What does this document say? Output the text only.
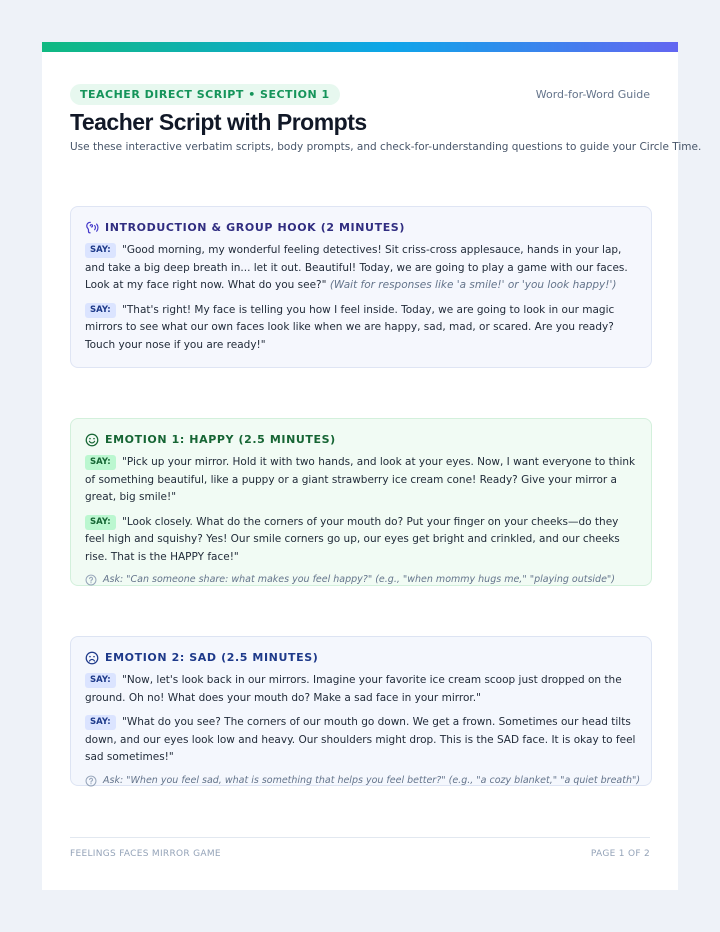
TEACHER DIRECT SCRIPT • SECTION 1	Word-for-Word Guide
Teacher Script with Prompts
Use these interactive verbatim scripts, body prompts, and check-for-understanding questions to guide your Circle Time.
INTRODUCTION & GROUP HOOK (2 MINUTES)

SAY: "Good morning, my wonderful feeling detectives! Sit criss-cross applesauce, hands in your lap, and take a big deep breath in... let it out. Beautiful! Today, we are going to play a game with our faces. Look at my face right now. What do you see?" (Wait for responses like 'a smile!' or 'you look happy!')

SAY: "That's right! My face is telling you how I feel inside. Today, we are going to look in our magic mirrors to see what our own faces look like when we are happy, sad, mad, or scared. Are you ready? Touch your nose if you are ready!"

EMOTION 1: HAPPY (2.5 MINUTES)

SAY: "Pick up your mirror. Hold it with two hands, and look at your eyes. Now, I want everyone to think of something beautiful, like a puppy or a giant strawberry ice cream cone! Ready? Give your mirror a great, big smile!"

SAY: "Look closely. What do the corners of your mouth do? Put your finger on your cheeks—do they feel high and squishy? Yes! Our smile corners go up, our eyes get bright and crinkled, and our cheeks rise. That is the HAPPY face!"

Ask: "Can someone share: what makes you feel happy?" (e.g., "when mommy hugs me," "playing outside")
EMOTION 2: SAD (2.5 MINUTES)

SAY: "Now, let's look back in our mirrors. Imagine your favorite ice cream scoop just dropped on the ground. Oh no! What does your mouth do? Make a sad face in your mirror."

SAY: "What do you see? The corners of our mouth go down. We get a frown. Sometimes our head tilts down, and our eyes look low and heavy. Our shoulders might drop. This is the SAD face. It is okay to feel sad sometimes!"

Ask: "When you feel sad, what is something that helps you feel better?" (e.g., "a cozy blanket," "a quiet breath")
FEELINGS FACES MIRROR GAME	PAGE 1 OF 2
